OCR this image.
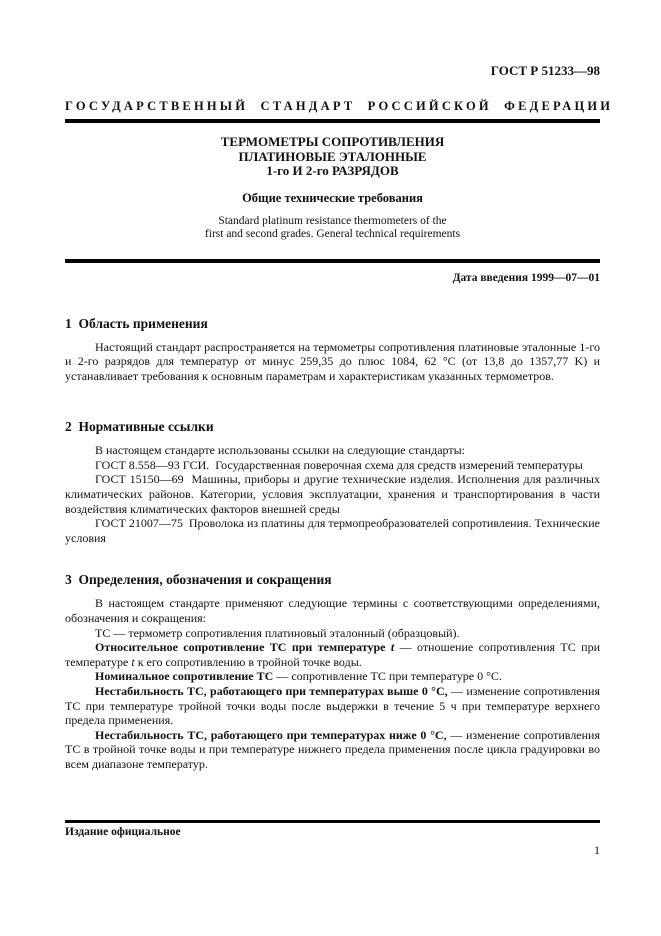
ГОСТ Р 51233—98
ГОСУДАРСТВЕННЫЙ СТАНДАРТ РОССИЙСКОЙ ФЕДЕРАЦИИ
ТЕРМОМЕТРЫ СОПРОТИВЛЕНИЯ
ПЛАТИНОВЫЕ ЭТАЛОННЫЕ
1-го И 2-го РАЗРЯДОВ
Общие технические требования
Standard platinum resistance thermometers of the
first and second grades. General technical requirements
Дата введения 1999—07—01
1  Область применения

Настоящий стандарт распространяется на термометры сопротивления платиновые эталонные 1-го и 2-го разрядов для температур от минус 259,35 до плюс 1084, 62 °С (от 13,8 до 1357,77 K) и устанавливает требования к основным параметрам и характеристикам указанных термометров.

2  Нормативные ссылки

В настоящем стандарте использованы ссылки на следующие стандарты:

ГОСТ 8.558—93 ГСИ.  Государственная поверочная схема для средств измерений температуры

ГОСТ 15150—69  Машины, приборы и другие технические изделия. Исполнения для различных климатических районов. Категории, условия эксплуатации, хранения и транспортирования в части воздействия климатических факторов внешней среды

ГОСТ 21007—75  Проволока из платины для термопреобразователей сопротивления. Технические условия

3  Определения, обозначения и сокращения

В настоящем стандарте применяют следующие термины с соответствующими определениями, обозначения и сокращения:

ТС — термометр сопротивления платиновый эталонный (образцовый).

Относительное сопротивление ТС при температуре t — отношение сопротивления ТС при температуре t к его сопротивлению в тройной точке воды.

Номинальное сопротивление ТС — сопротивление ТС при температуре 0 °С.

Нестабильность ТС, работающего при температурах выше 0 °С, — изменение сопротивления ТС при температуре тройной точки воды после выдержки в течение 5 ч при температуре верхнего предела применения.

Нестабильность ТС, работающего при температурах ниже 0 °С, — изменение сопротивления ТС в тройной точке воды и при температуре нижнего предела применения после цикла градуировки во всем диапазоне температур.

Издание официальное
1
